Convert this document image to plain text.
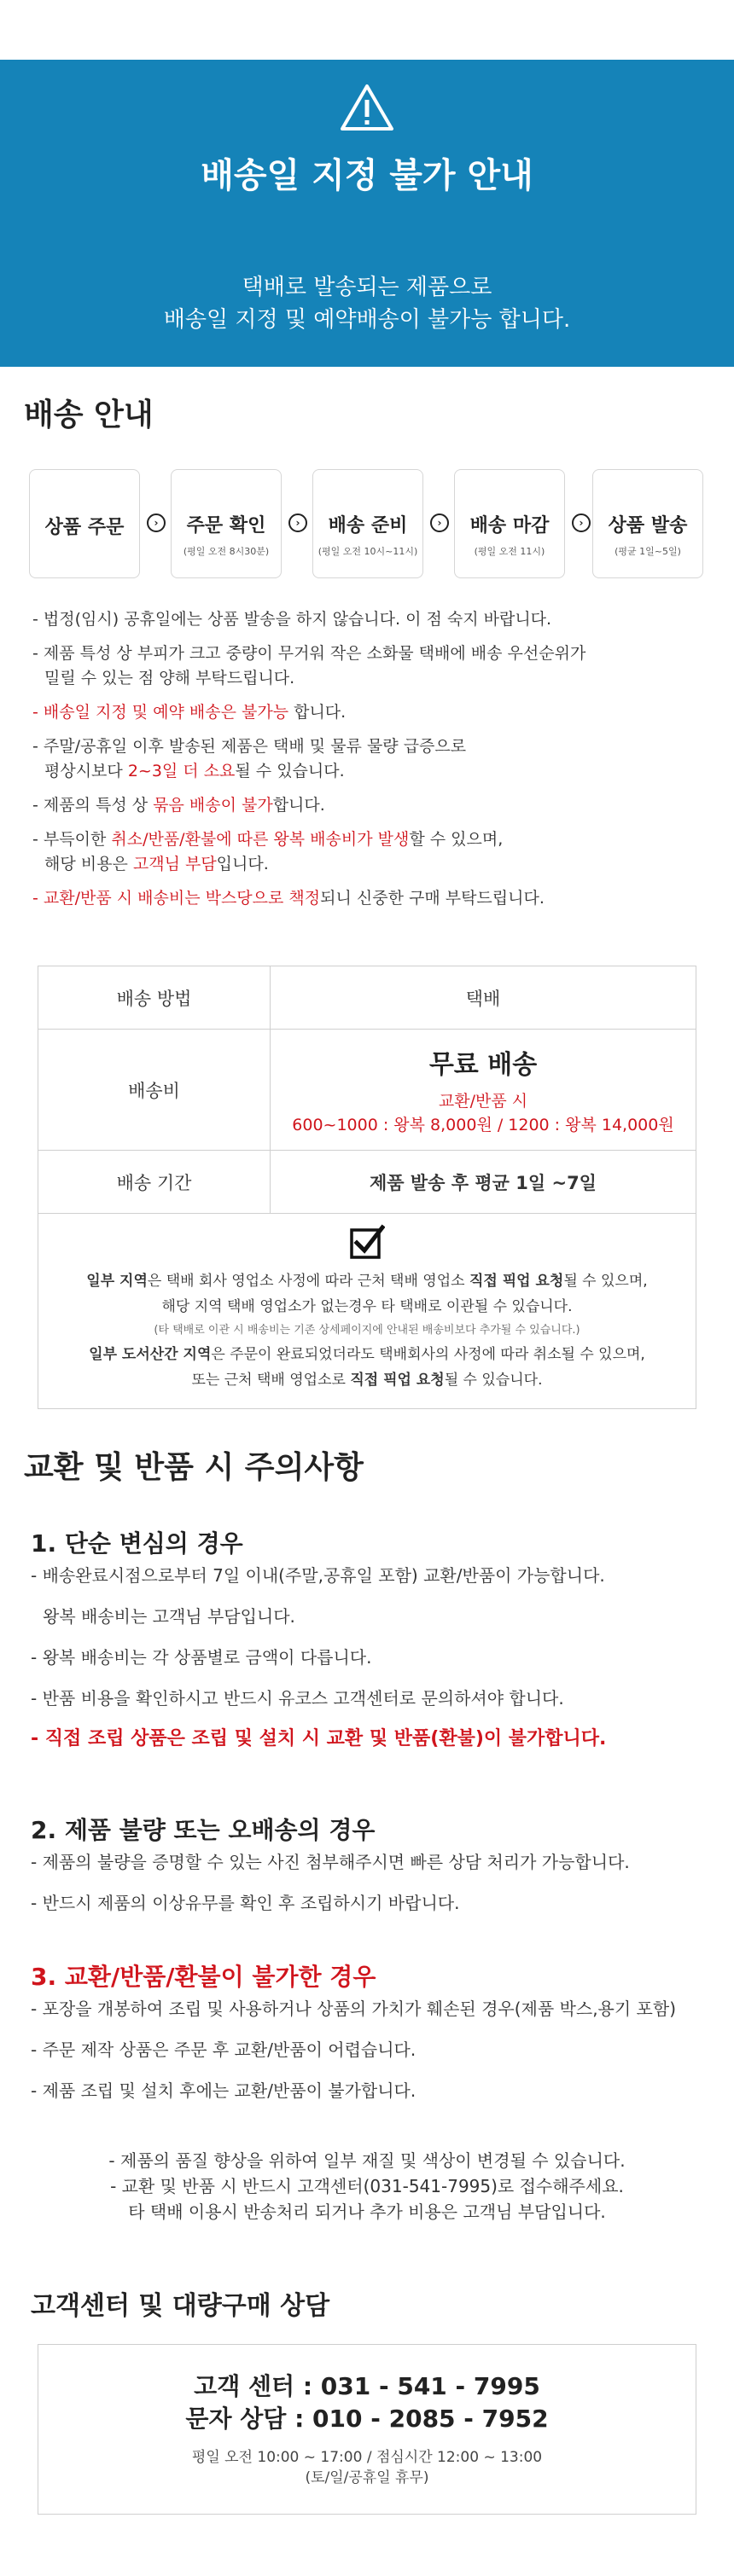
배송일 지정 불가 안내
택배로 발송되는 제품으로
배송일 지정 및 예약배송이 불가능 합니다.
배송 안내
상품 주문	›	주문 확인
(평일 오전 8시30분)
›	배송 준비
(평일 오전 10시~11시)
›	배송 마감
(평일 오전 11시)
›	상품 발송
(평균 1일~5일)
- 법정(임시) 공휴일에는 상품 발송을 하지 않습니다. 이 점 숙지 바랍니다.
- 제품 특성 상 부피가 크고 중량이 무거워 작은 소화물 택배에 배송 우선순위가
밀릴 수 있는 점 양해 부탁드립니다.
- 배송일 지정 및 예약 배송은 불가능 합니다.
- 주말/공휴일 이후 발송된 제품은 택배 및 물류 물량 급증으로
평상시보다 2~3일 더 소요될 수 있습니다.
- 제품의 특성 상 묶음 배송이 불가합니다.
- 부득이한 취소/반품/환불에 따른 왕복 배송비가 발생할 수 있으며,
해당 비용은 고객님 부담입니다.
- 교환/반품 시 배송비는 박스당으로 책정되니 신중한 구매 부탁드립니다.
배송 방법	택배
배송비
무료 배송
교환/반품 시
600~1000 : 왕복 8,000원 / 1200 : 왕복 14,000원
배송 기간	제품 발송 후 평균 1일 ~7일
일부 지역은 택배 회사 영업소 사정에 따라 근처 택배 영업소 직접 픽업 요청될 수 있으며,
해당 지역 택배 영업소가 없는경우 타 택배로 이관될 수 있습니다.
(타 택배로 이관 시 배송비는 기존 상세페이지에 안내된 배송비보다 추가될 수 있습니다.)
일부 도서산간 지역은 주문이 완료되었더라도 택배회사의 사정에 따라 취소될 수 있으며,
또는 근처 택배 영업소로 직접 픽업 요청될 수 있습니다.
교환 및 반품 시 주의사항
1. 단순 변심의 경우
- 배송완료시점으로부터 7일 이내(주말,공휴일 포함) 교환/반품이 가능합니다.
왕복 배송비는 고객님 부담입니다.
- 왕복 배송비는 각 상품별로 금액이 다릅니다.
- 반품 비용을 확인하시고 반드시 유코스 고객센터로 문의하셔야 합니다.
- 직접 조립 상품은 조립 및 설치 시 교환 및 반품(환불)이 불가합니다.
2. 제품 불량 또는 오배송의 경우
- 제품의 불량을 증명할 수 있는 사진 첨부해주시면 빠른 상담 처리가 가능합니다.
- 반드시 제품의 이상유무를 확인 후 조립하시기 바랍니다.
3. 교환/반품/환불이 불가한 경우
- 포장을 개봉하여 조립 및 사용하거나 상품의 가치가 훼손된 경우(제품 박스,용기 포함)
- 주문 제작 상품은 주문 후 교환/반품이 어렵습니다.
- 제품 조립 및 설치 후에는 교환/반품이 불가합니다.
- 제품의 품질 향상을 위하여 일부 재질 및 색상이 변경될 수 있습니다.
- 교환 및 반품 시 반드시 고객센터(031-541-7995)로 접수해주세요.
타 택배 이용시 반송처리 되거나 추가 비용은 고객님 부담입니다.
고객센터 및 대량구매 상담
고객 센터 : 031 - 541 - 7995
문자 상담 : 010 - 2085 - 7952
평일 오전 10:00 ~ 17:00 / 점심시간 12:00 ~ 13:00
(토/일/공휴일 휴무)
